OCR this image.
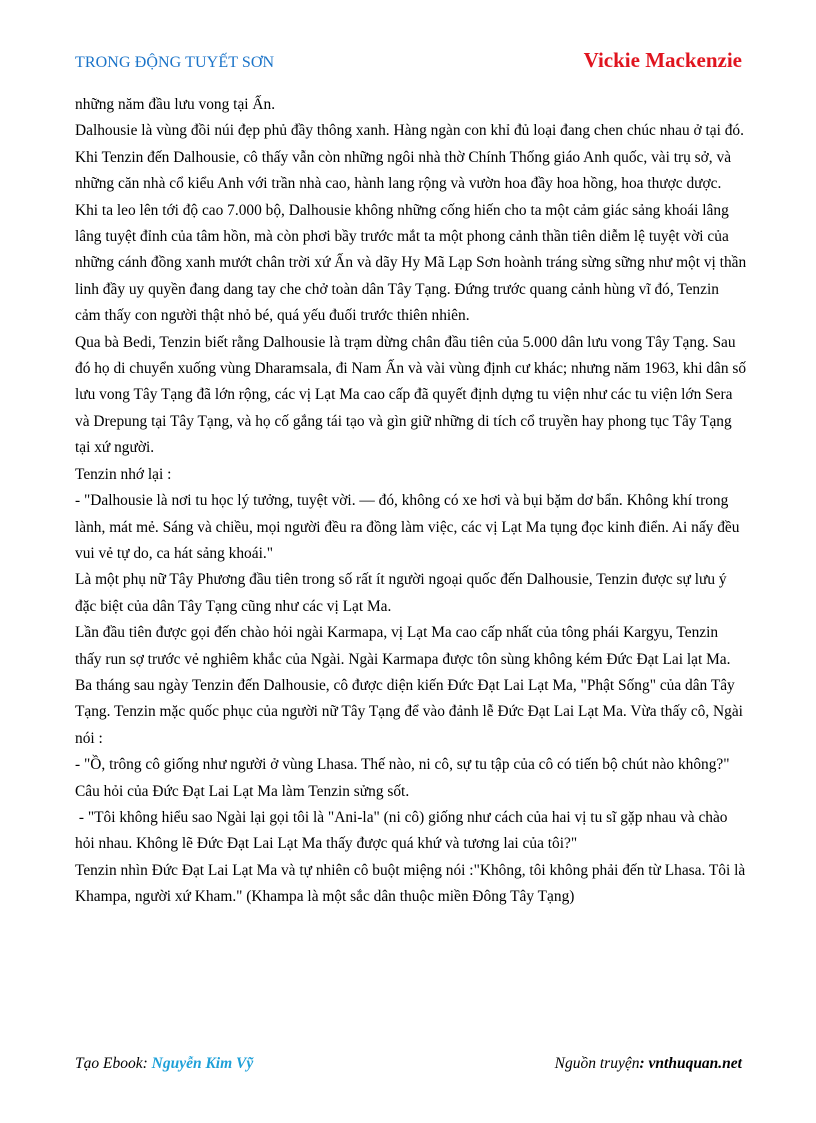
TRONG ĐỘNG TUYẾT SƠN	Vickie Mackenzie

những năm đầu lưu vong tại Ấn.

Dalhousie là vùng đồi núi đẹp phủ đầy thông xanh. Hàng ngàn con khỉ đủ loại đang chen chúc nhau ở tại đó. Khi Tenzin đến Dalhousie, cô thấy vẫn còn những ngôi nhà thờ Chính Thống giáo Anh quốc, vài trụ sở, và những căn nhà cổ kiểu Anh với trần nhà cao, hành lang rộng và vườn hoa đầy hoa hồng, hoa thược dược. Khi ta leo lên tới độ cao 7.000 bộ, Dalhousie không những cống hiến cho ta một cảm giác sảng khoái lâng lâng tuyệt đỉnh của tâm hồn, mà còn phơi bầy trước mắt ta một phong cảnh thần tiên diễm lệ tuyệt vời của những cánh đồng xanh mướt chân trời xứ Ấn và dãy Hy Mã Lạp Sơn hoành tráng sừng sững như một vị thần linh đầy uy quyền đang dang tay che chở toàn dân Tây Tạng. Đứng trước quang cảnh hùng vĩ đó, Tenzin cảm thấy con người thật nhỏ bé, quá yếu đuối trước thiên nhiên.

Qua bà Bedi, Tenzin biết rằng Dalhousie là trạm dừng chân đầu tiên của 5.000 dân lưu vong Tây Tạng. Sau đó họ di chuyển xuống vùng Dharamsala, đi Nam Ấn và vài vùng định cư khác; nhưng năm 1963, khi dân số lưu vong Tây Tạng đã lớn rộng, các vị Lạt Ma cao cấp đã quyết định dựng tu viện như các tu viện lớn Sera và Drepung tại Tây Tạng, và họ cố gắng tái tạo và gìn giữ những di tích cổ truyền hay phong tục Tây Tạng tại xứ người.

Tenzin nhớ lại :

- "Dalhousie là nơi tu học lý tưởng, tuyệt vời. — đó, không có xe hơi và bụi bặm dơ bẩn. Không khí trong lành, mát mẻ. Sáng và chiều, mọi người đều ra đồng làm việc, các vị Lạt Ma tụng đọc kinh điển. Ai nấy đều vui vẻ tự do, ca hát sảng khoái."

Là một phụ nữ Tây Phương đầu tiên trong số rất ít người ngoại quốc đến Dalhousie, Tenzin được sự lưu ý đặc biệt của dân Tây Tạng cũng như các vị Lạt Ma.

Lần đầu tiên được gọi đến chào hỏi ngài Karmapa, vị Lạt Ma cao cấp nhất của tông phái Kargyu, Tenzin thấy run sợ trước vẻ nghiêm khắc của Ngài. Ngài Karmapa được tôn sùng không kém Đức Đạt Lai lạt Ma.

Ba tháng sau ngày Tenzin đến Dalhousie, cô được diện kiến Đức Đạt Lai Lạt Ma, "Phật Sống" của dân Tây Tạng. Tenzin mặc quốc phục của người nữ Tây Tạng để vào đảnh lễ Đức Đạt Lai Lạt Ma. Vừa thấy cô, Ngài nói :

- "Ồ, trông cô giống như người ở vùng Lhasa. Thế nào, ni cô, sự tu tập của cô có tiến bộ chút nào không?"

Câu hỏi của Đức Đạt Lai Lạt Ma làm Tenzin sửng sốt.

- "Tôi không hiểu sao Ngài lại gọi tôi là "Ani-la" (ni cô) giống như cách của hai vị tu sĩ gặp nhau và chào hỏi nhau. Không lẽ Đức Đạt Lai Lạt Ma thấy được quá khứ và tương lai của tôi?"

Tenzin nhìn Đức Đạt Lai Lạt Ma và tự nhiên cô buột miệng nói :"Không, tôi không phải đến từ Lhasa. Tôi là Khampa, người xứ Kham." (Khampa là một sắc dân thuộc miền Đông Tây Tạng)

Tạo Ebook: Nguyễn Kim Vỹ	Nguồn truyện: vnthuquan.net
